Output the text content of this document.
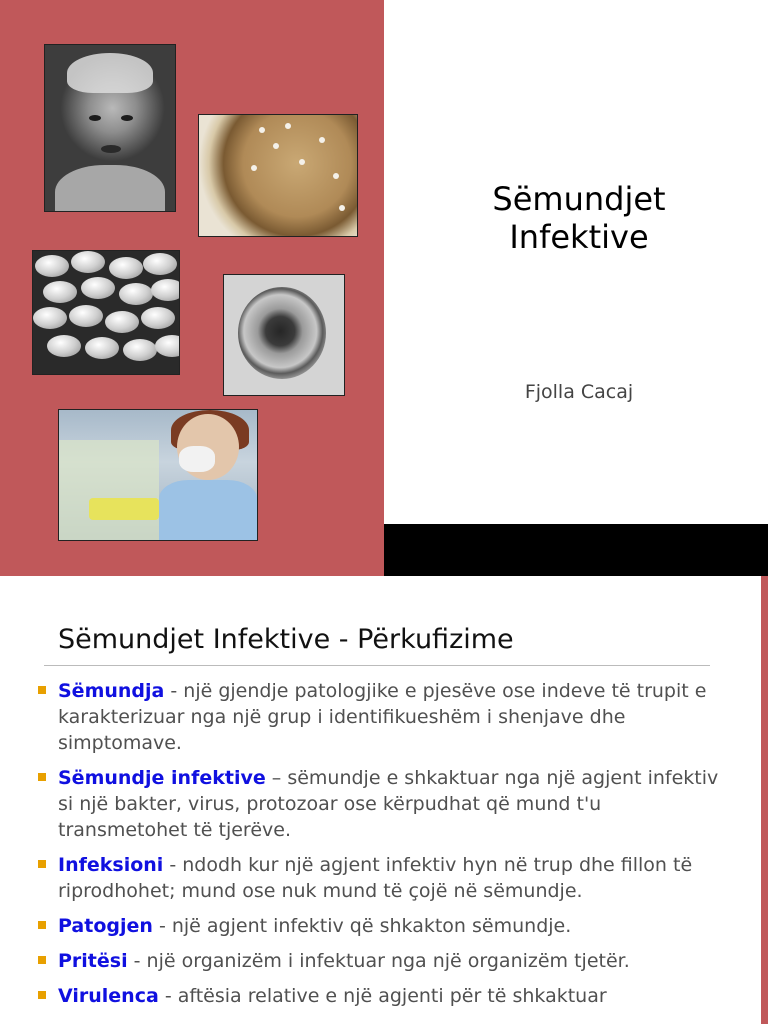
Sëmundjet
Infektive
Fjolla Cacaj
Sëmundjet Infektive - Përkufizime
Sëmundja - një gjendje patologjike e pjesëve ose indeve të trupit e karakterizuar nga një grup i identifikueshëm i shenjave dhe simptomave.
Sëmundje infektive – sëmundje e shkaktuar nga një agjent infektiv si një bakter, virus, protozoar ose kërpudhat që mund t'u transmetohet të tjerëve.
Infeksioni - ndodh kur një agjent infektiv hyn në trup dhe fillon të riprodhohet; mund ose nuk mund të çojë në sëmundje.
Patogjen - një agjent infektiv që shkakton sëmundje.
Pritësi - një organizëm i infektuar nga një organizëm tjetër.
Virulenca - aftësia relative e një agjenti për të shkaktuar
